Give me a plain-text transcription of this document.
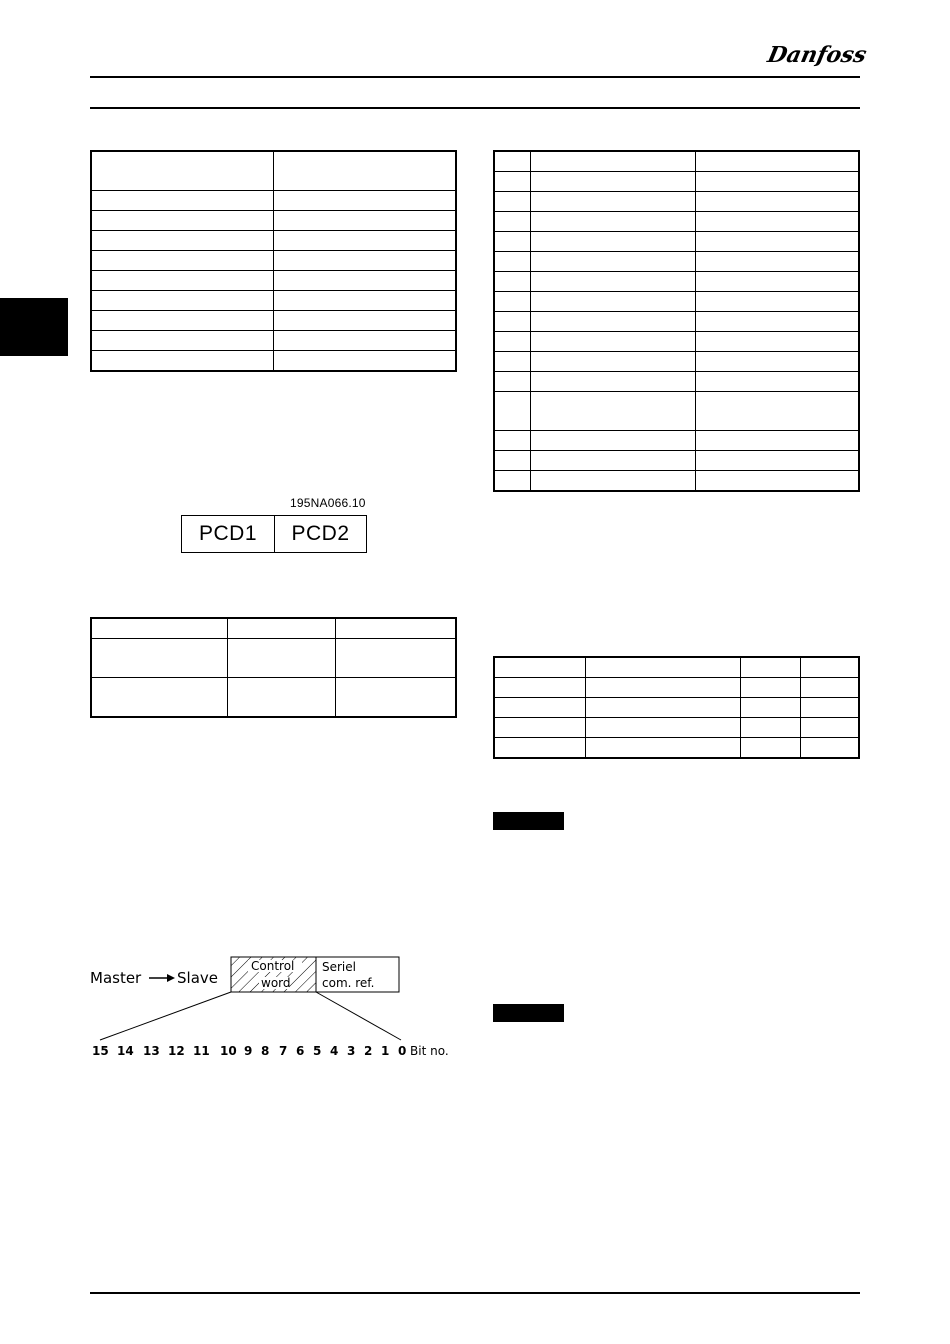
Danfoss

195NA066.10
PCD1	PCD2

Master Slave
Control
word
Seriel
com. ref.
15 14 13 12 11 10 9 8 7 6 5 4 3 2 1 0 Bit no.
